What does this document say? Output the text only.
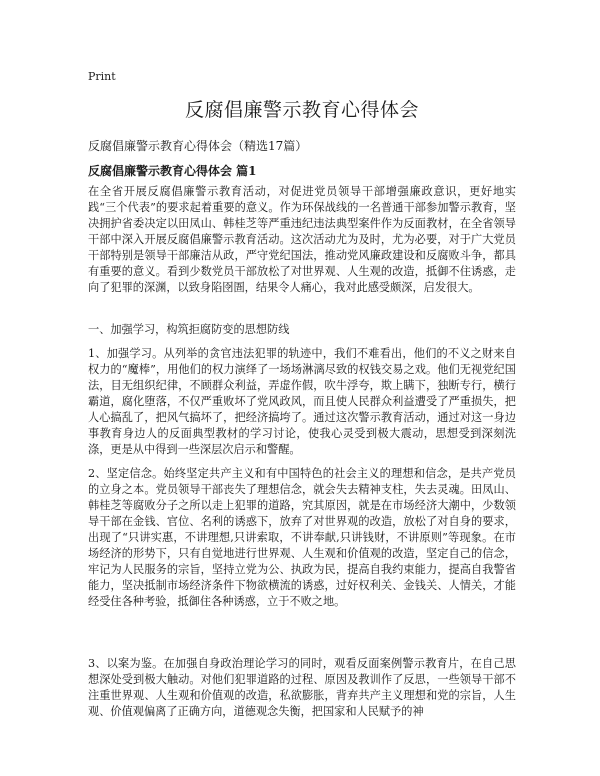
Print
反腐倡廉警示教育心得体会
反腐倡廉警示教育心得体会（精选17篇）
反腐倡廉警示教育心得体会 篇1

在全省开展反腐倡廉警示教育活动，对促进党员领导干部增强廉政意识，更好地实践“三个代表”的要求起着重要的意义。作为环保战线的一名普通干部参加警示教育，坚决拥护省委决定以田凤山、韩桂芝等严重违纪违法典型案件作为反面教材，在全省领导干部中深入开展反腐倡廉警示教育活动。这次活动尤为及时，尤为必要，对于广大党员干部特别是领导干部廉洁从政，严守党纪国法，推动党风廉政建设和反腐败斗争，都具有重要的意义。看到少数党员干部放松了对世界观、人生观的改造，抵御不住诱惑，走向了犯罪的深渊，以致身陷囹圄，结果令人痛心，我对此感受颇深，启发很大。

一、加强学习，构筑拒腐防变的思想防线

1、加强学习。从列举的贪官违法犯罪的轨迹中，我们不难看出，他们的不义之财来自权力的“魔棒”，用他们的权力演绎了一场场淋漓尽致的权钱交易之戏。他们无视党纪国法，目无组织纪律，不顾群众利益，弄虚作假，吹牛浮夸，欺上瞒下，独断专行，横行霸道，腐化堕落，不仅严重败坏了党风政风，而且使人民群众利益遭受了严重损失，把人心搞乱了，把风气搞坏了，把经济搞垮了。通过这次警示教育活动，通过对这一身边事教育身边人的反面典型教材的学习讨论，使我心灵受到极大震动，思想受到深刻洗涤，更是从中得到一些深层次启示和警醒。

2、坚定信念。始终坚定共产主义和有中国特色的社会主义的理想和信念，是共产党员的立身之本。党员领导干部丧失了理想信念，就会失去精神支柱，失去灵魂。田凤山、韩桂芝等腐败分子之所以走上犯罪的道路，究其原因，就是在市场经济大潮中，少数领导干部在金钱、官位、名利的诱惑下，放弃了对世界观的改造，放松了对自身的要求，出现了“只讲实惠，不讲理想,只讲索取，不讲奉献,只讲钱财，不讲原则”等现象。在市场经济的形势下，只有自觉地进行世界观、人生观和价值观的改造，坚定自己的信念，牢记为人民服务的宗旨，坚持立党为公、执政为民，提高自我约束能力，提高自我警省能力，坚决抵制市场经济条件下物欲横流的诱惑，过好权利关、金钱关、人情关，才能经受住各种考验，抵御住各种诱惑，立于不败之地。

3、以案为鉴。在加强自身政治理论学习的同时，观看反面案例警示教育片，在自己思想深处受到极大触动。对他们犯罪道路的过程、原因及教训作了反思，一些领导干部不注重世界观、人生观和价值观的改造，私欲膨胀，背弃共产主义理想和党的宗旨，人生观、价值观偏离了正确方向，道德观念失衡，把国家和人民赋予的神
